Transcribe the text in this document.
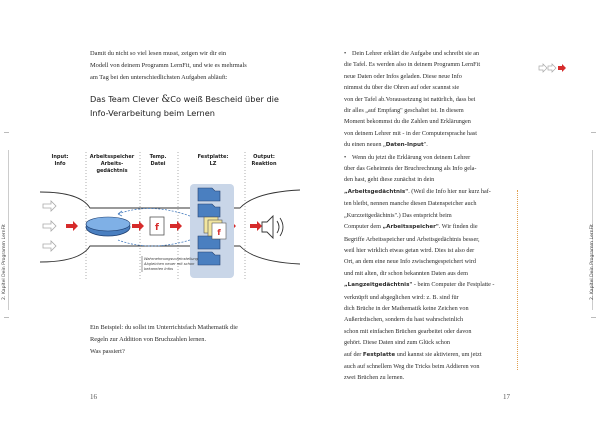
Damit du nicht so viel lesen musst, zeigen wir dir ein
Modell von deinem Programm LernFit, und wie es mehrmals
am Tag bei den unterschiedlichsten Aufgaben abläuft:
Das Team Clever &Co weiß Bescheid über die
Info-Verarbeitung beim Lernen
Input:
Info
Arbeitsspeicher
Arbeits-
gedächtnis
Temp.
Datei
Festplatte:
LZ
Output:
Reaktion
f	f
Wahrnehmungsvoreinstellung
Abgleichen neuer mit schon
bekannten Infos
Ein Beispiel: du sollst im Unterrichtsfach Mathematik die
Regeln zur Addition von Bruchzahlen lernen.
Was passiert?
16
2. Kapitel Dein Programm LernFit

• Dein Lehrer erklärt die Aufgabe und schreibt sie an
die Tafel. Es werden also in deinem Programm LernFit
neue Daten oder Infos geladen. Diese neue Info
nimmst du über die Ohren auf oder scannst sie
von der Tafel ab.Voraussetzung ist natürlich, dass bei
dir alles „auf Empfang" geschaltet ist. In diesem
Moment bekommst du die Zahlen und Erklärungen
von deinem Lehrer mit - in der Computersprache hast
du einen neuen „Daten-Input".

• Wenn du jetzt die Erklärung von deinem Lehrer
über das Geheimnis der Bruchrechnung als Info gela-
den hast, geht diese zunächst in dein
„Arbeitsgedächtnis". (Weil die Info hier nur kurz haf-
ten bleibt, nennen manche diesen Datenspeicher auch
„Kurzzeitgedächtnis".) Das entspricht beim
Computer dem „Arbeitsspeicher". Wir finden die
Begriffe Arbeitsspeicher und Arbeitsgedächtnis besser,
weil hier wirklich etwas getan wird. Dies ist also der
Ort, an dem eine neue Info zwischengespeichert wird
und mit alten, dir schon bekannten Daten aus dem
„Langzeitgedächtnis" - beim Computer die Festplatte -
verknüpft und abgeglichen wird: z. B. sind für
dich Brüche in der Mathematik keine Zeichen von
Außerirdischen, sondern du hast wahrscheinlich
schon mit einfachen Brüchen gearbeitet oder davon
gehört. Diese Daten sind zum Glück schon
auf der Festplatte und kannst sie aktivieren, um jetzt
auch auf schnellem Weg die Tricks beim Addieren von
zwei Brüchen zu lernen.

2. Kapitel Dein Programm LernFit
17
